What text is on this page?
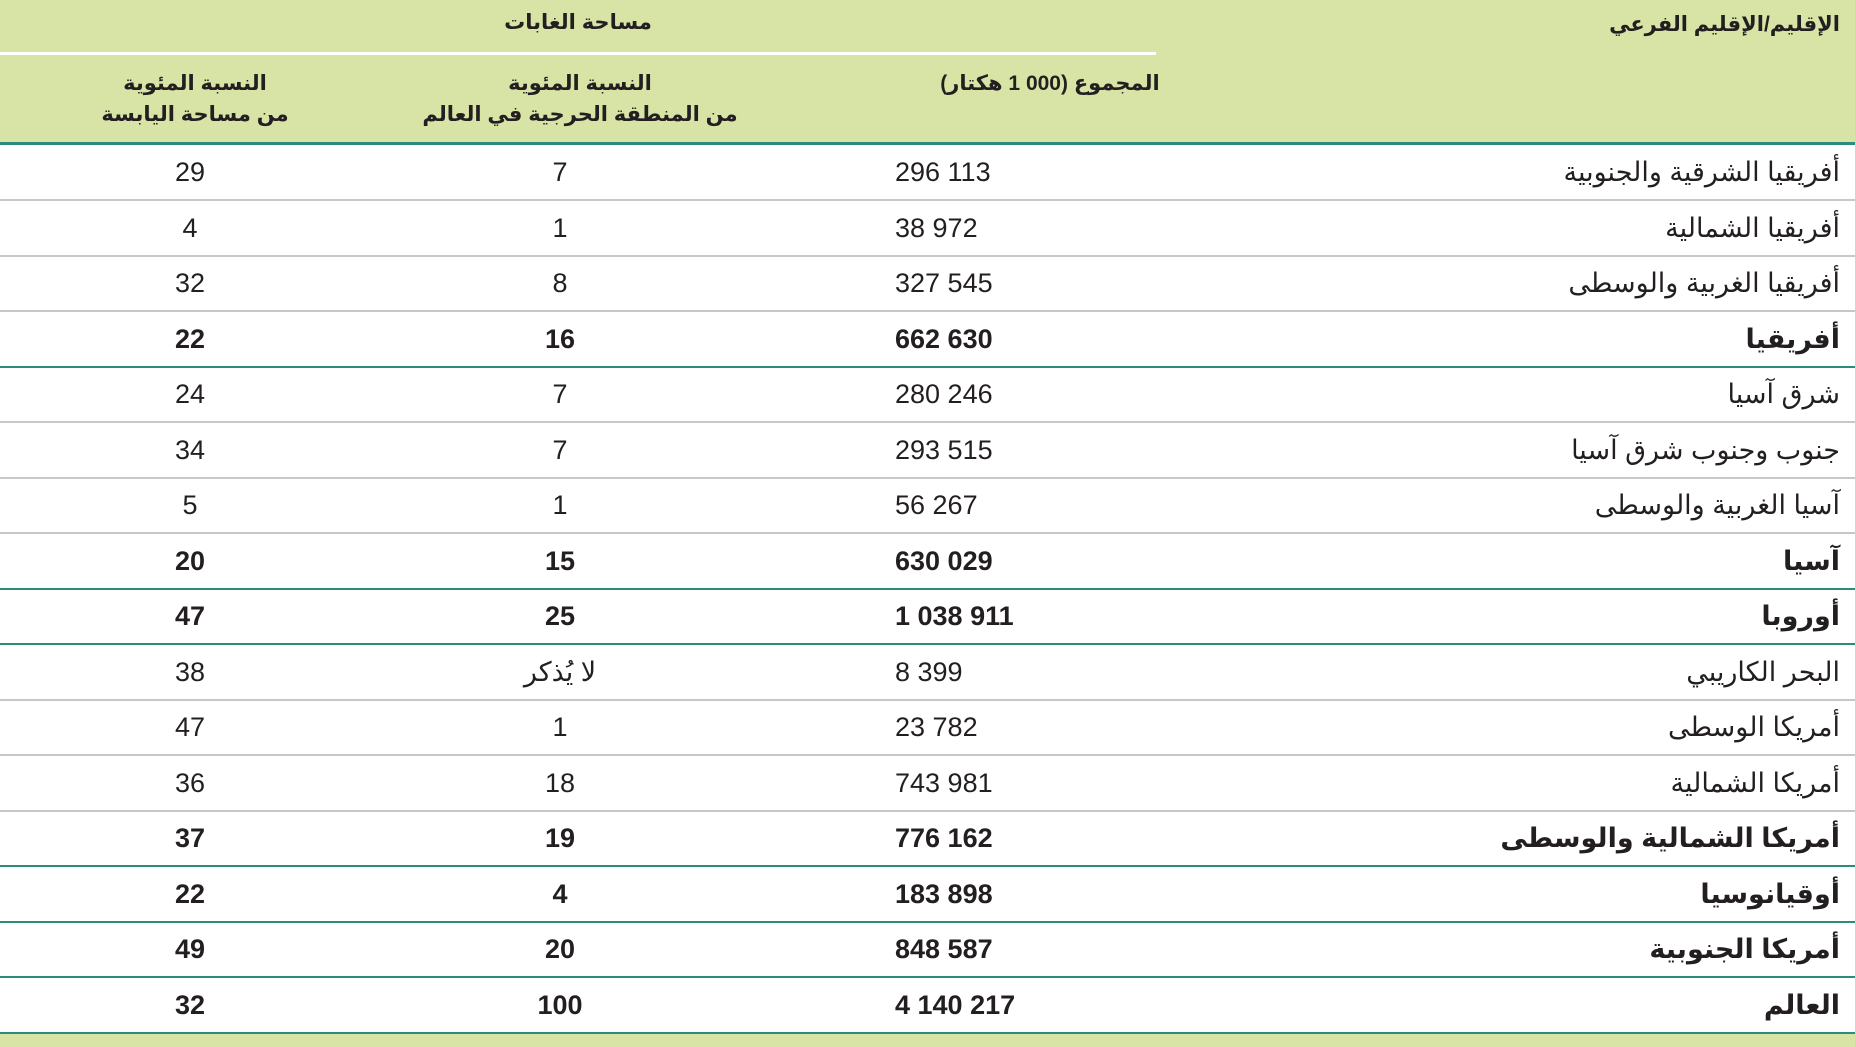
الإقليم/الإقليم الفرعي
مساحة الغابات
المجموع (000 1 هكتار)
النسبة المئوية
من المنطقة الحرجية في العالم
النسبة المئوية
من مساحة اليابسة
أفريقيا الشرقية والجنوبية
296 113
7
29
أفريقيا الشمالية
38 972
1
4
أفريقيا الغربية والوسطى
327 545
8
32
أفريقيا
662 630
16
22
شرق آسيا
280 246
7
24
جنوب وجنوب شرق آسيا
293 515
7
34
آسيا الغربية والوسطى
56 267
1
5
آسيا
630 029
15
20
أوروبا
1 038 911
25
47
البحر الكاريبي
8 399
لا يُذكر
38
أمريكا الوسطى
23 782
1
47
أمريكا الشمالية
743 981
18
36
أمريكا الشمالية والوسطى
776 162
19
37
أوقيانوسيا
183 898
4
22
أمريكا الجنوبية
848 587
20
49
العالم
4 140 217
100
32
